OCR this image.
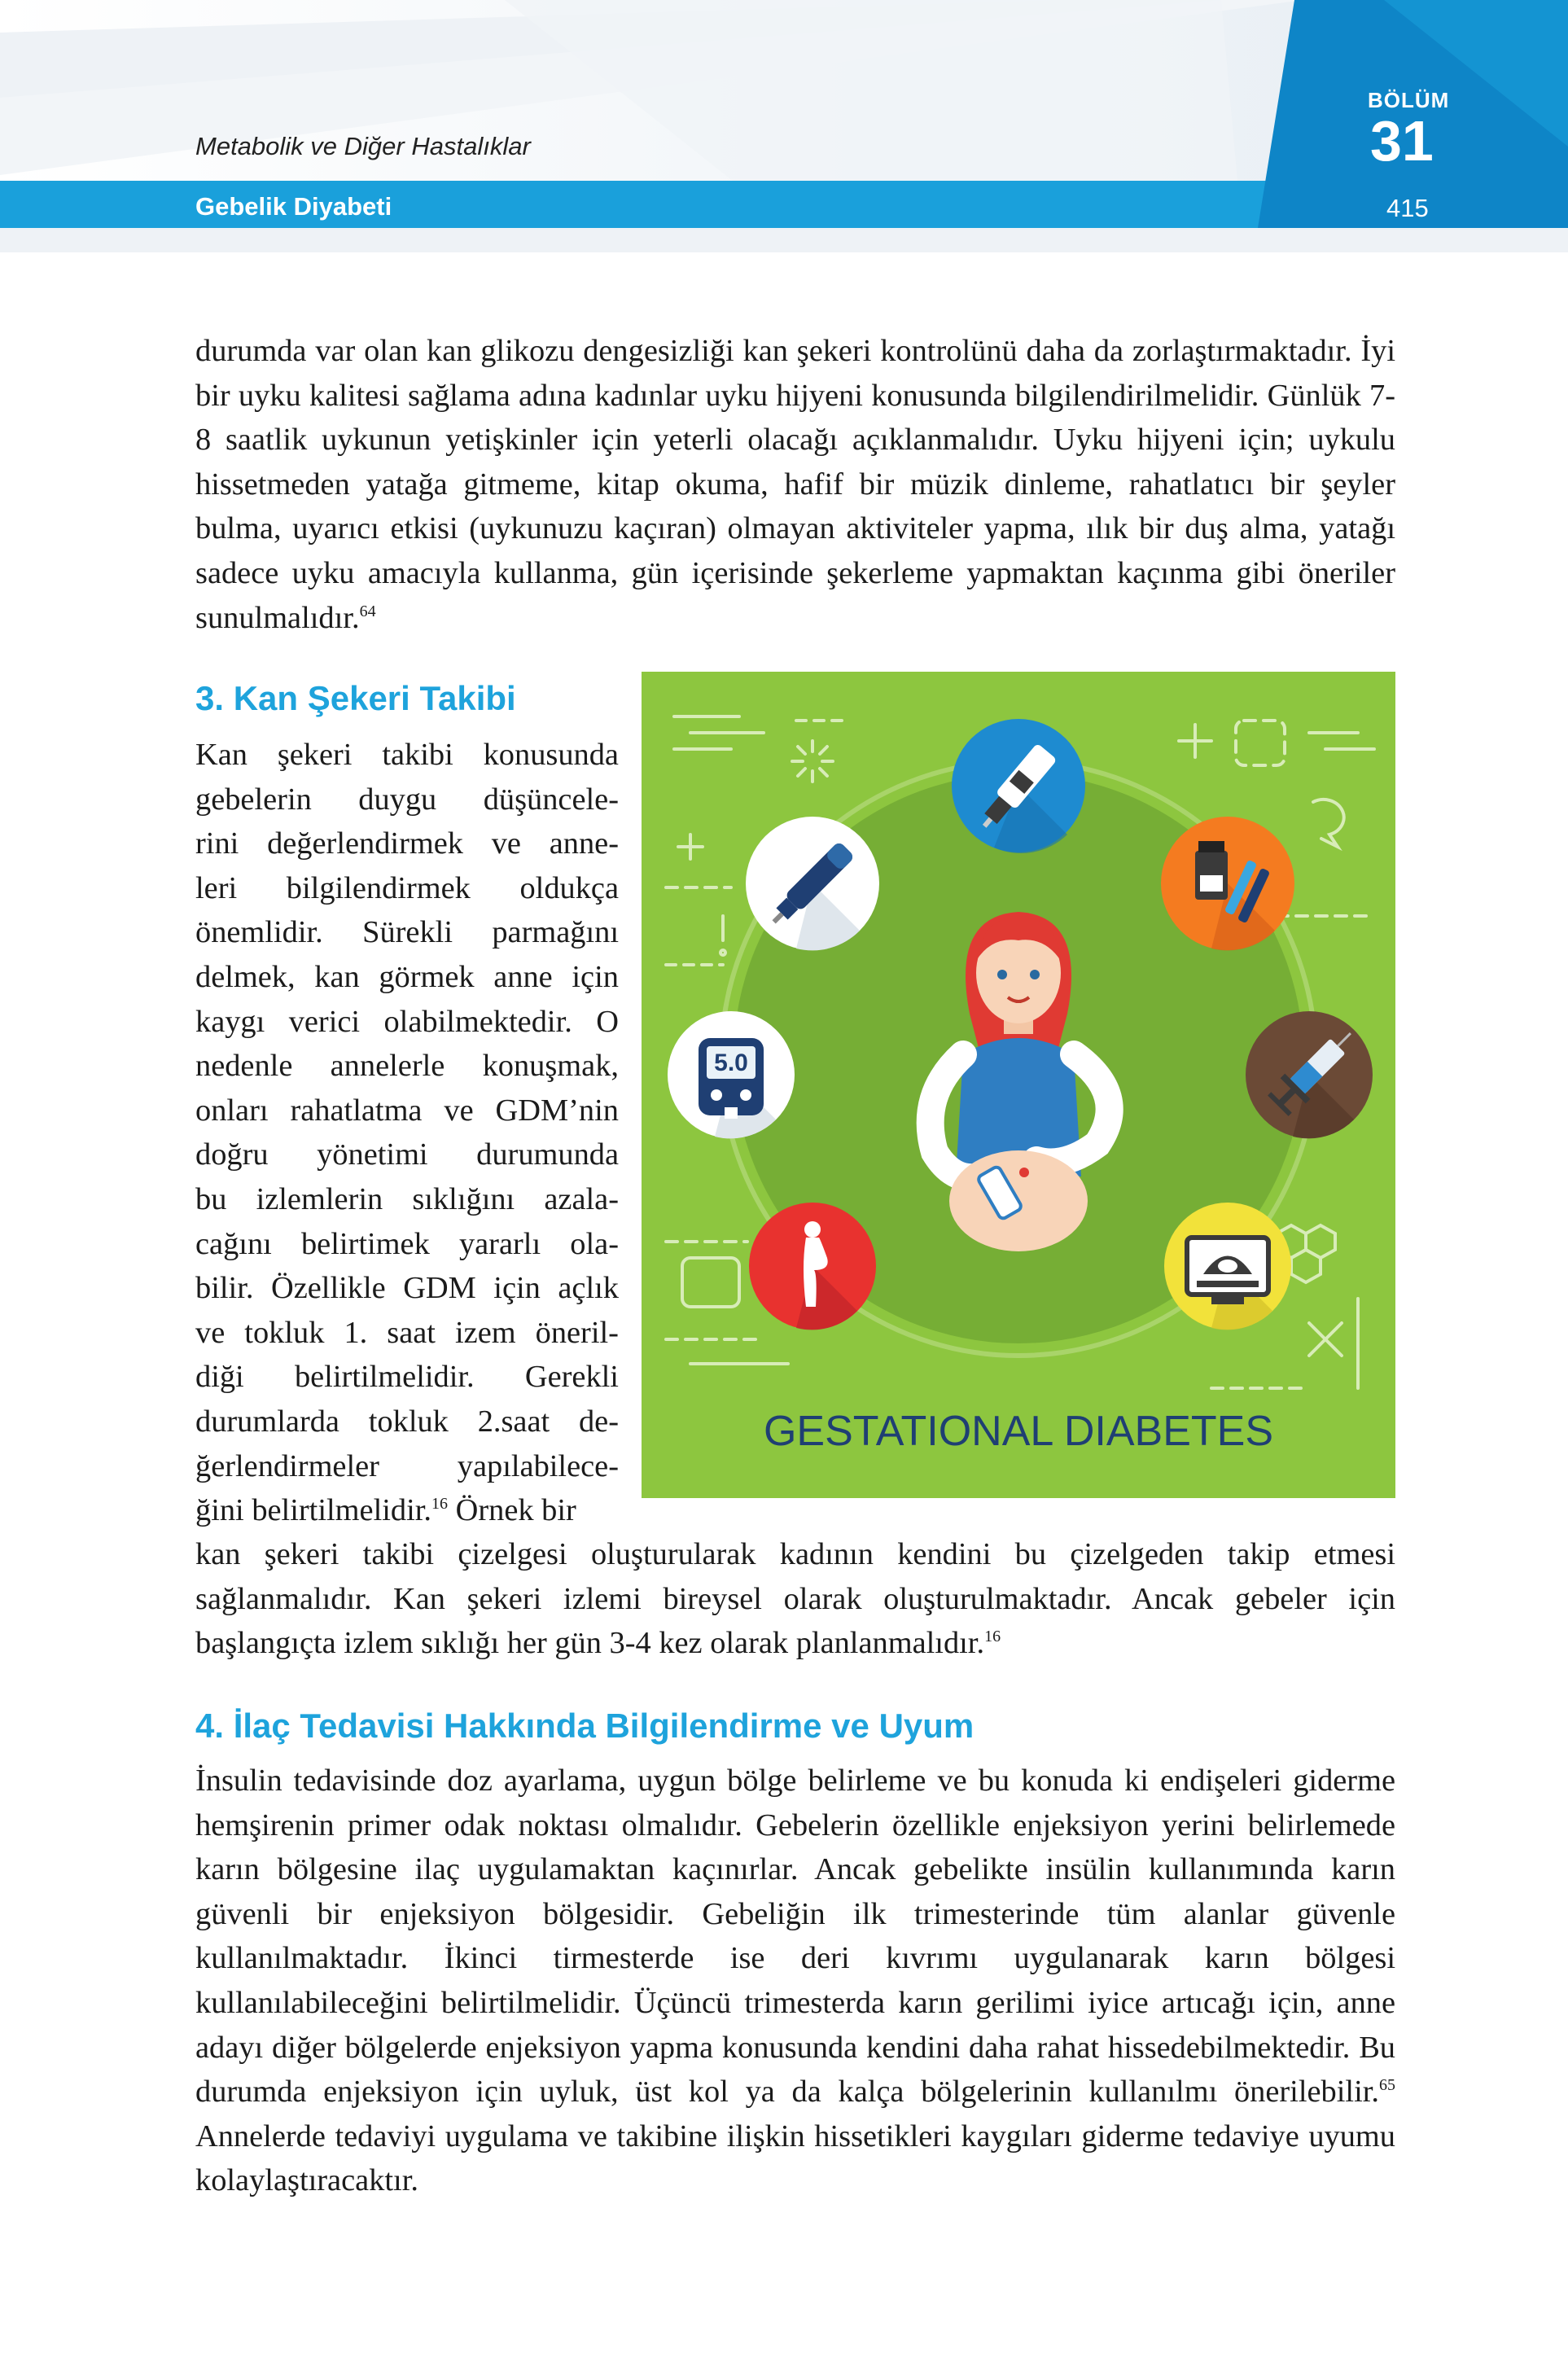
Metabolik ve Diğer Hastalıklar
Gebelik Diyabeti
BÖLÜM
31
415

durumda var olan kan glikozu dengesizliği kan şekeri kontrolünü daha da zorlaştırmaktadır. İyi bir uyku kalitesi sağlama adına kadınlar uyku hijyeni konusunda bilgilendirilmelidir. Günlük 7-8 saatlik uykunun yetişkinler için yeterli olacağı açıklanmalıdır. Uyku hijyeni için; uykulu hissetmeden yatağa gitmeme, kitap okuma, hafif bir müzik dinleme, rahatlatıcı bir şeyler bulma, uyarıcı etkisi (uykunuzu kaçıran) olmayan aktiviteler yapma, ılık bir duş alma, yatağı sadece uyku amacıyla kullanma, gün içerisinde şekerleme yapmaktan kaçınma gibi öneriler sunulmalıdır.$^{64}$

3. Kan Şekeri Takibi
Kan şekeri takibi konusunda
gebelerin duygu düşüncele-
rini değerlendirmek ve anne-
leri bilgilendirmek oldukça
önemlidir. Sürekli parmağını
delmek, kan görmek anne için
kaygı verici olabilmektedir. O
nedenle annelerle konuşmak,
onları rahatlatma ve GDM’nin
doğru yönetimi durumunda
bu izlemlerin sıklığını azala-
cağını belirtimek yararlı ola-
bilir. Özellikle GDM için açlık
ve tokluk 1. saat izem öneril-
diği belirtilmelidir. Gerekli
durumlarda tokluk 2.saat de-
ğerlendirmeler yapılabilece-
ğini belirtilmelidir.$^{16}$ Örnek bir

kan şekeri takibi çizelgesi oluşturularak kadının kendini bu çizelgeden takip etmesi sağlanmalıdır. Kan şekeri izlemi bireysel olarak oluşturulmaktadır. Ancak gebeler için başlangıçta izlem sıklığı her gün 3-4 kez olarak planlanmalıdır.$^{16}$

4. İlaç Tedavisi Hakkında Bilgilendirme ve Uyum

İnsulin tedavisinde doz ayarlama, uygun bölge belirleme ve bu konuda ki endişeleri giderme hemşirenin primer odak noktası olmalıdır. Gebelerin özellikle enjeksiyon yerini belirlemede karın bölgesine ilaç uygulamaktan kaçınırlar. Ancak gebelikte insülin kullanımında karın güvenli bir enjeksiyon bölgesidir. Gebeliğin ilk trimesterinde tüm alanlar güvenle kullanılmaktadır. İkinci tirmesterde ise deri kıvrımı uygulanarak karın bölgesi kullanılabileceğini belirtilmelidir. Üçüncü trimesterda karın gerilimi iyice artıcağı için, anne adayı diğer bölgelerde enjeksiyon yapma konusunda kendini daha rahat hissedebilmektedir. Bu durumda enjeksiyon için uyluk, üst kol ya da kalça bölgelerinin kullanılmı önerilebilir.$^{65}$ Annelerde tedaviyi uygulama ve takibine ilişkin hissetikleri kaygıları giderme tedaviye uyumu kolaylaştıracaktır.

5.0
GESTATIONAL DIABETES
